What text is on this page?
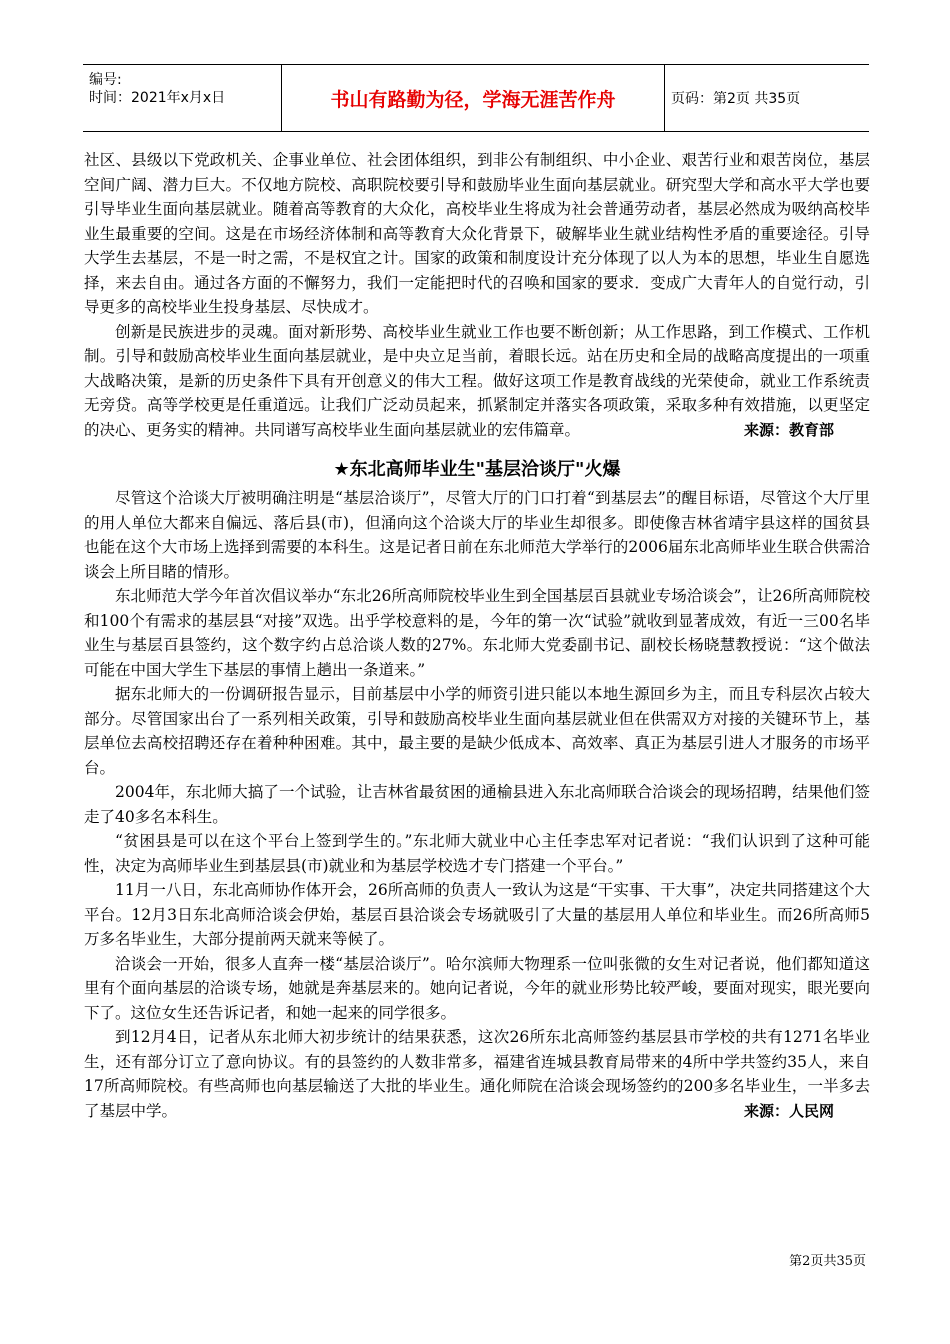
编号:
时间：2021年x月x日	书山有路勤为径，学海无涯苦作舟	页码：第2页 共35页

社区、县级以下党政机关、企事业单位、社会团体组织，到非公有制组织、中小企业、艰苦行业和艰苦岗位，基层空间广阔、潜力巨大。不仅地方院校、高职院校要引导和鼓励毕业生面向基层就业。研究型大学和高水平大学也要引导毕业生面向基层就业。随着高等教育的大众化，高校毕业生将成为社会普通劳动者，基层必然成为吸纳高校毕业生最重要的空间。这是在市场经济体制和高等教育大众化背景下，破解毕业生就业结构性矛盾的重要途径。引导大学生去基层，不是一时之需，不是权宜之计。国家的政策和制度设计充分体现了以人为本的思想，毕业生自愿选择，来去自由。通过各方面的不懈努力，我们一定能把时代的召唤和国家的要求．变成广大青年人的自觉行动，引导更多的高校毕业生投身基层、尽快成才。

创新是民族进步的灵魂。面对新形势、高校毕业生就业工作也要不断创新；从工作思路，到工作模式、工作机制。引导和鼓励高校毕业生面向基层就业，是中央立足当前，着眼长远。站在历史和全局的战略高度提出的一项重大战略决策，是新的历史条件下具有开创意义的伟大工程。做好这项工作是教育战线的光荣使命，就业工作系统责无旁贷。高等学校更是任重道远。让我们广泛动员起来，抓紧制定并落实各项政策，采取多种有效措施，以更坚定的决心、更务实的精神。共同谱写高校毕业生面向基层就业的宏伟篇章。	来源：教育部

★东北高师毕业生"基层洽谈厅"火爆

尽管这个洽谈大厅被明确注明是“基层洽谈厅”，尽管大厅的门口打着“到基层去”的醒目标语，尽管这个大厅里的用人单位大都来自偏远、落后县(市)，但涌向这个洽谈大厅的毕业生却很多。即使像吉林省靖宇县这样的国贫县也能在这个大市场上选择到需要的本科生。这是记者日前在东北师范大学举行的2006届东北高师毕业生联合供需洽谈会上所目睹的情形。

东北师范大学今年首次倡议举办“东北26所高师院校毕业生到全国基层百县就业专场洽谈会”，让26所高师院校和100个有需求的基层县“对接”双选。出乎学校意料的是，今年的第一次“试验”就收到显著成效，有近一三00名毕业生与基层百县签约，这个数字约占总洽谈人数的27%。东北师大党委副书记、副校长杨晓慧教授说：“这个做法可能在中国大学生下基层的事情上趟出一条道来。”

据东北师大的一份调研报告显示，目前基层中小学的师资引进只能以本地生源回乡为主，而且专科层次占较大部分。尽管国家出台了一系列相关政策，引导和鼓励高校毕业生面向基层就业但在供需双方对接的关键环节上，基层单位去高校招聘还存在着种种困难。其中，最主要的是缺少低成本、高效率、真正为基层引进人才服务的市场平台。

2004年，东北师大搞了一个试验，让吉林省最贫困的通榆县进入东北高师联合洽谈会的现场招聘，结果他们签走了40多名本科生。

“贫困县是可以在这个平台上签到学生的。”东北师大就业中心主任李忠军对记者说：“我们认识到了这种可能性，决定为高师毕业生到基层县(市)就业和为基层学校选才专门搭建一个平台。”

11月一八日，东北高师协作体开会，26所高师的负责人一致认为这是“干实事、干大事”，决定共同搭建这个大平台。12月3日东北高师洽谈会伊始，基层百县洽谈会专场就吸引了大量的基层用人单位和毕业生。而26所高师5万多名毕业生，大部分提前两天就来等候了。

洽谈会一开始，很多人直奔一楼“基层洽谈厅”。哈尔滨师大物理系一位叫张微的女生对记者说，他们都知道这里有个面向基层的洽谈专场，她就是奔基层来的。她向记者说，今年的就业形势比较严峻，要面对现实，眼光要向下了。这位女生还告诉记者，和她一起来的同学很多。

到12月4日，记者从东北师大初步统计的结果获悉，这次26所东北高师签约基层县市学校的共有1271名毕业生，还有部分订立了意向协议。有的县签约的人数非常多，福建省连城县教育局带来的4所中学共签约35人，来自17所高师院校。有些高师也向基层输送了大批的毕业生。通化师院在洽谈会现场签约的200多名毕业生，一半多去了基层中学。	来源：人民网

第2页共35页
